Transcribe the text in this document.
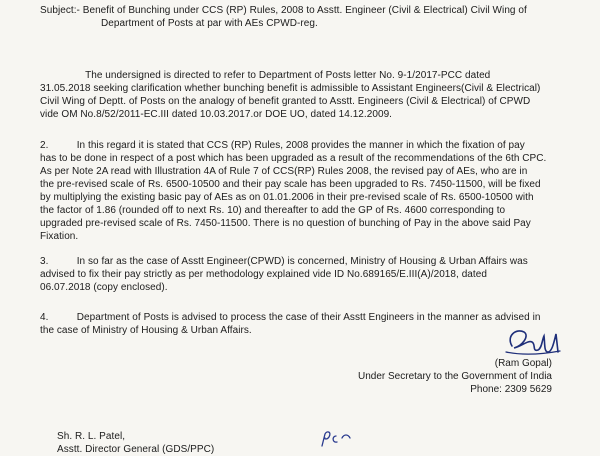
Subject:- Benefit of Bunching under CCS (RP) Rules, 2008 to Asstt. Engineer (Civil & Electrical) Civil Wing of
Department of Posts at par with AEs CPWD-reg.
The undersigned is directed to refer to Department of Posts letter No. 9-1/2017-PCC dated
31.05.2018 seeking clarification whether bunching benefit is admissible to Assistant Engineers(Civil & Electrical)
Civil Wing of Deptt. of Posts on the analogy of benefit granted to Asstt. Engineers (Civil & Electrical) of CPWD
vide OM No.8/52/2011-EC.III dated 10.03.2017.or DOE UO, dated 14.12.2009.
2.          In this regard it is stated that CCS (RP) Rules, 2008 provides the manner in which the fixation of pay
has to be done in respect of a post which has been upgraded as a result of the recommendations of the 6th CPC.
As per Note 2A read with Illustration 4A of Rule 7 of CCS(RP) Rules 2008, the revised pay of AEs, who are in
the pre-revised scale of Rs. 6500-10500 and their pay scale has been upgraded to Rs. 7450-11500, will be fixed
by multiplying the existing basic pay of AEs as on 01.01.2006 in their pre-revised scale of Rs. 6500-10500 with
the factor of 1.86 (rounded off to next Rs. 10) and thereafter to add the GP of Rs. 4600 corresponding to
upgraded pre-revised scale of Rs. 7450-11500. There is no question of bunching of Pay in the above said Pay
Fixation.
3.          In so far as the case of Asstt Engineer(CPWD) is concerned, Ministry of Housing & Urban Affairs was
advised to fix their pay strictly as per methodology explained vide ID No.689165/E.III(A)/2018, dated
06.07.2018 (copy enclosed).
4.          Department of Posts is advised to process the case of their Asstt Engineers in the manner as advised in
the case of Ministry of Housing & Urban Affairs.
(Ram Gopal)
Under Secretary to the Government of India
Phone: 2309 5629
Sh. R. L. Patel,
Asstt. Director General (GDS/PPC)
